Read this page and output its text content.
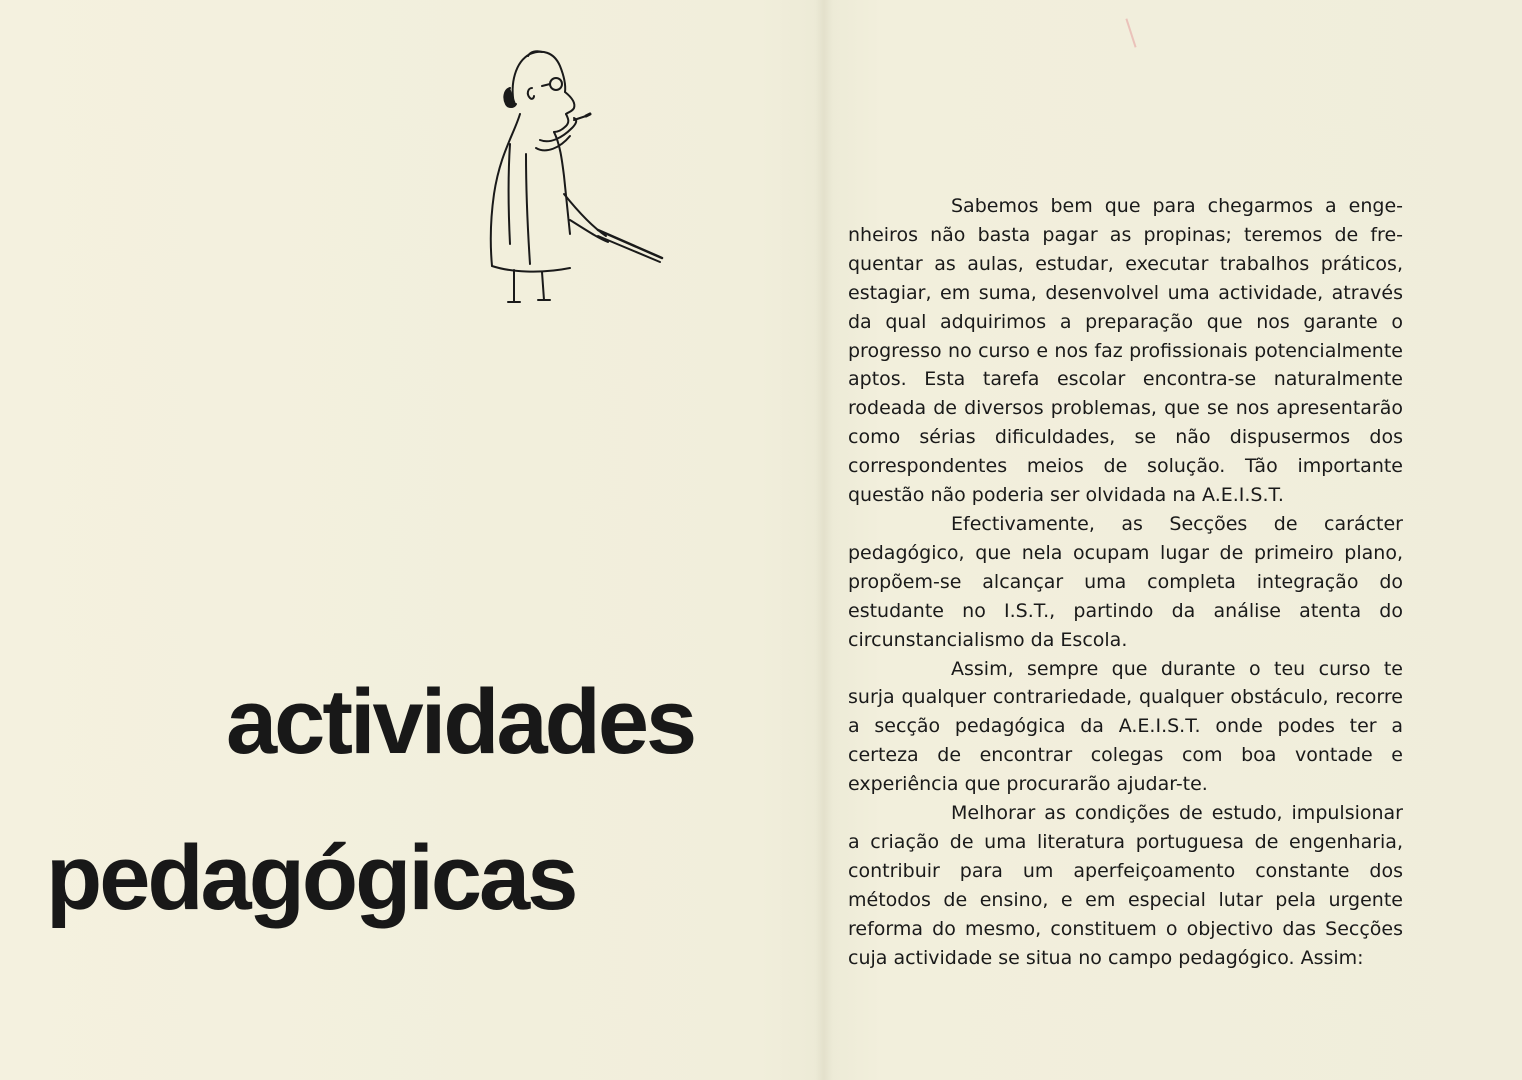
actividades
pedagógicas

Sabemos bem que para chegarmos a engenheiros não basta pagar as propinas; teremos de frequentar as aulas, estudar, executar trabalhos práticos, estagiar, em suma, desenvolvel uma actividade, através da qual adquirimos a preparação que nos garante o progresso no curso e nos faz profissionais potencialmente aptos. Esta tarefa escolar encontra-se naturalmente rodeada de diversos problemas, que se nos apresentarão como sérias dificuldades, se não dispusermos dos correspondentes meios de solução. Tão importante questão não poderia ser olvidada na A.E.I.S.T.

Efectivamente, as Secções de carácter pedagógico, que nela ocupam lugar de primeiro plano, propõem-se alcançar uma completa integração do estudante no I.S.T., partindo da análise atenta do circunstancialismo da Escola.

Assim, sempre que durante o teu curso te surja qualquer contrariedade, qualquer obstáculo, recorre a secção pedagógica da A.E.I.S.T. onde podes ter a certeza de encontrar colegas com boa vontade e experiência que procurarão ajudar-te.

Melhorar as condições de estudo, impulsionar a criação de uma literatura portuguesa de engenharia, contribuir para um aperfeiçoamento constante dos métodos de ensino, e em especial lutar pela urgente reforma do mesmo, constituem o objectivo das Secções cuja actividade se situa no campo pedagógico. Assim:
